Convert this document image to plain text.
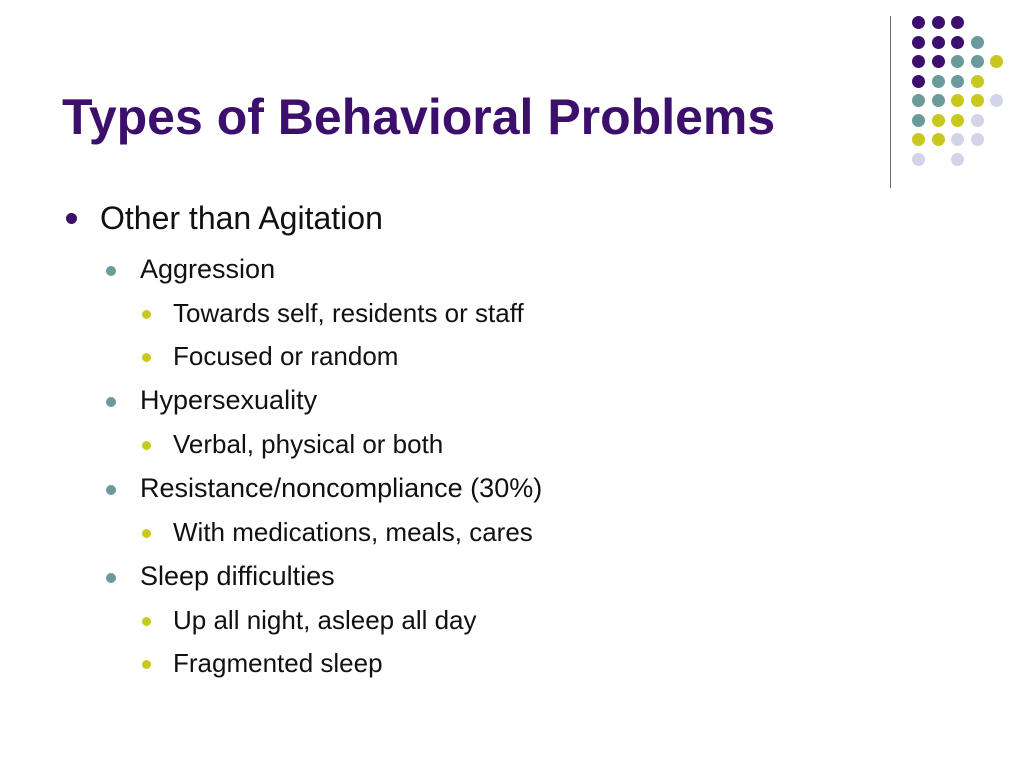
Types of Behavioral Problems
Other than Agitation
Aggression
Towards self, residents or staff
Focused or random
Hypersexuality
Verbal, physical or both
Resistance/noncompliance (30%)
With medications, meals, cares
Sleep difficulties
Up all night, asleep all day
Fragmented sleep
